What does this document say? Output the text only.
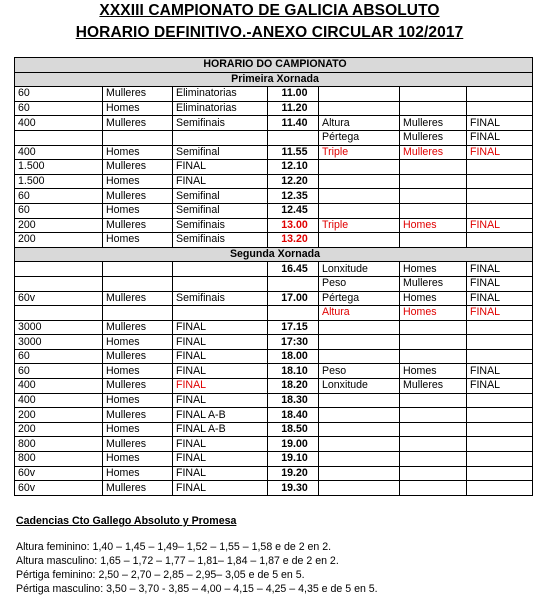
XXXIII CAMPIONATO DE GALICIA ABSOLUTO
HORARIO DEFINITIVO.-ANEXO CIRCULAR 102/2017
HORARIO DO CAMPIONATO						
Primeira Xornada						
60	Mulleres	Eliminatorias	11.00			
60	Homes	Eliminatorias	11.20			
400	Mulleres	Semifinais	11.40	Altura	Mulleres	FINAL
				Pértega	Mulleres	FINAL
400	Homes	Semifinal	11.55	Triple	Mulleres	FINAL
1.500	Mulleres	FINAL	12.10			
1.500	Homes	FINAL	12.20			
60	Mulleres	Semifinal	12.35			
60	Homes	Semifinal	12.45			
200	Mulleres	Semifinais	13.00	Triple	Homes	FINAL
200	Homes	Semifinais	13.20			
Segunda Xornada						
			16.45	Lonxitude	Homes	FINAL
				Peso	Mulleres	FINAL
60v	Mulleres	Semifinais	17.00	Pértega	Homes	FINAL
				Altura	Homes	FINAL
3000	Mulleres	FINAL	17.15			
3000	Homes	FINAL	17:30			
60	Mulleres	FINAL	18.00			
60	Homes	FINAL	18.10	Peso	Homes	FINAL
400	Mulleres	FINAL	18.20	Lonxitude	Mulleres	FINAL
400	Homes	FINAL	18.30			
200	Mulleres	FINAL A-B	18.40			
200	Homes	FINAL A-B	18.50			
800	Mulleres	FINAL	19.00			
800	Homes	FINAL	19.10			
60v	Homes	FINAL	19.20			
60v	Mulleres	FINAL	19.30			
Cadencias Cto Gallego Absoluto y Promesa
Altura feminino: 1,40 – 1,45 – 1,49– 1,52 – 1,55 – 1,58 e de 2 en 2.
Altura masculino: 1,65 – 1,72 – 1,77 – 1,81– 1,84 – 1,87 e de 2 en 2.
Pértiga feminino: 2,50 – 2,70 – 2,85 – 2,95– 3,05 e de 5 en 5.
Pértiga masculino: 3,50 – 3,70 - 3,85 – 4,00 – 4,15 – 4,25 – 4,35 e de 5 en 5.
